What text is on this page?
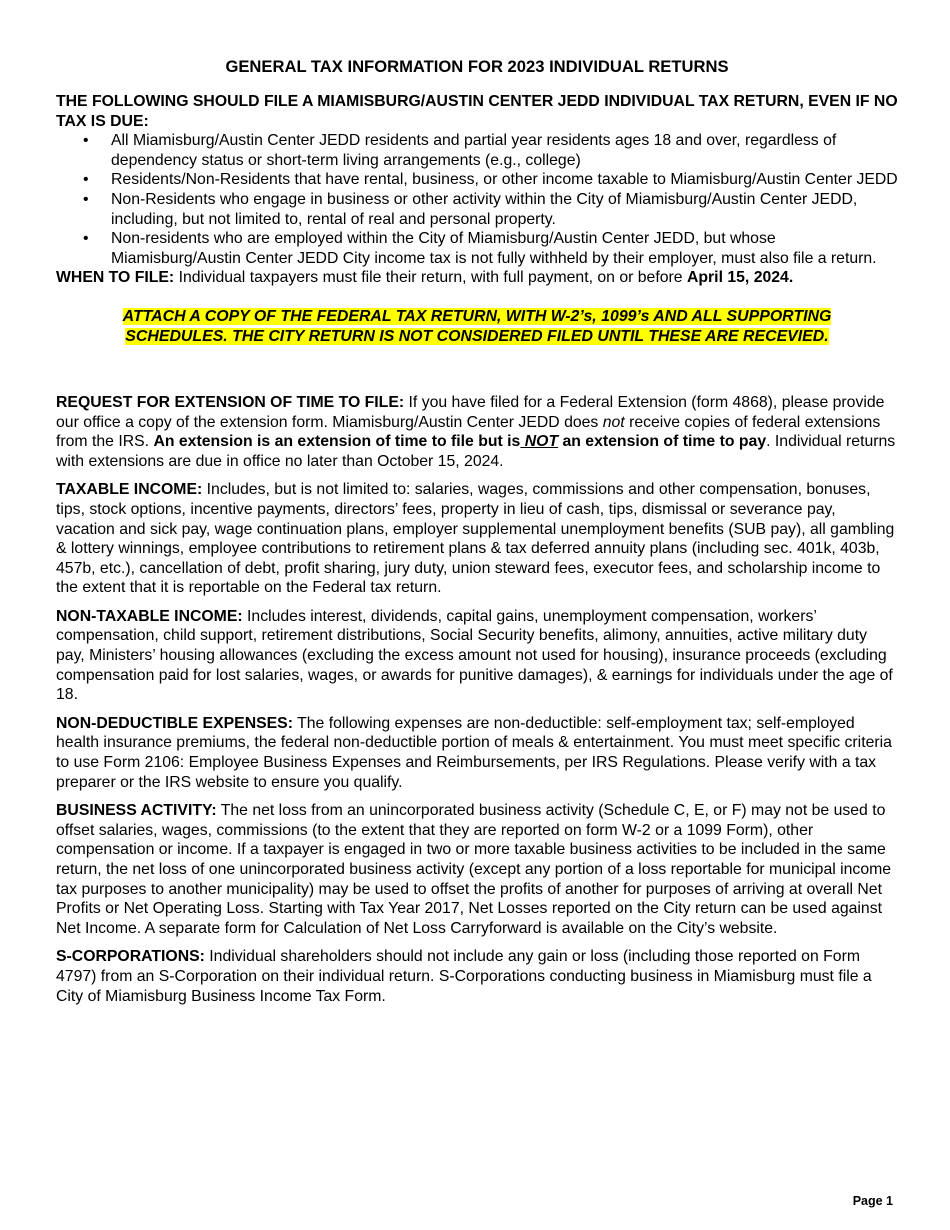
GENERAL TAX INFORMATION FOR 2023 INDIVIDUAL RETURNS

THE FOLLOWING SHOULD FILE A MIAMISBURG/AUSTIN CENTER JEDD INDIVIDUAL TAX RETURN, EVEN IF NO TAX IS DUE:

• All Miamisburg/Austin Center JEDD residents and partial year residents ages 18 and over, regardless of dependency status or short-term living arrangements (e.g., college)
• Residents/Non-Residents that have rental, business, or other income taxable to Miamisburg/Austin Center JEDD
• Non-Residents who engage in business or other activity within the City of Miamisburg/Austin Center JEDD, including, but not limited to, rental of real and personal property.
• Non-residents who are employed within the City of Miamisburg/Austin Center JEDD, but whose Miamisburg/Austin Center JEDD City income tax is not fully withheld by their employer, must also file a return.

WHEN TO FILE: Individual taxpayers must file their return, with full payment, on or before April 15, 2024.

ATTACH A COPY OF THE FEDERAL TAX RETURN, WITH W-2’s, 1099’s AND ALL SUPPORTING
SCHEDULES. THE CITY RETURN IS NOT CONSIDERED FILED UNTIL THESE ARE RECEVIED.

REQUEST FOR EXTENSION OF TIME TO FILE: If you have filed for a Federal Extension (form 4868), please provide our office a copy of the extension form. Miamisburg/Austin Center JEDD does not receive copies of federal extensions from the IRS. An extension is an extension of time to file but is NOT an extension of time to pay. Individual returns with extensions are due in office no later than October 15, 2024.

TAXABLE INCOME: Includes, but is not limited to: salaries, wages, commissions and other compensation, bonuses, tips, stock options, incentive payments, directors’ fees, property in lieu of cash, tips, dismissal or severance pay, vacation and sick pay, wage continuation plans, employer supplemental unemployment benefits (SUB pay), all gambling & lottery winnings, employee contributions to retirement plans & tax deferred annuity plans (including sec. 401k, 403b, 457b, etc.), cancellation of debt, profit sharing, jury duty, union steward fees, executor fees, and scholarship income to the extent that it is reportable on the Federal tax return.

NON-TAXABLE INCOME: Includes interest, dividends, capital gains, unemployment compensation, workers’ compensation, child support, retirement distributions, Social Security benefits, alimony, annuities, active military duty pay, Ministers’ housing allowances (excluding the excess amount not used for housing), insurance proceeds (excluding compensation paid for lost salaries, wages, or awards for punitive damages), & earnings for individuals under the age of 18.

NON-DEDUCTIBLE EXPENSES: The following expenses are non-deductible: self-employment tax; self-employed health insurance premiums, the federal non-deductible portion of meals & entertainment. You must meet specific criteria to use Form 2106: Employee Business Expenses and Reimbursements, per IRS Regulations. Please verify with a tax preparer or the IRS website to ensure you qualify.

BUSINESS ACTIVITY: The net loss from an unincorporated business activity (Schedule C, E, or F) may not be used to offset salaries, wages, commissions (to the extent that they are reported on form W-2 or a 1099 Form), other compensation or income. If a taxpayer is engaged in two or more taxable business activities to be included in the same return, the net loss of one unincorporated business activity (except any portion of a loss reportable for municipal income tax purposes to another municipality) may be used to offset the profits of another for purposes of arriving at overall Net Profits or Net Operating Loss. Starting with Tax Year 2017, Net Losses reported on the City return can be used against Net Income. A separate form for Calculation of Net Loss Carryforward is available on the City’s website.

S-CORPORATIONS: Individual shareholders should not include any gain or loss (including those reported on Form 4797) from an S-Corporation on their individual return. S-Corporations conducting business in Miamisburg must file a City of Miamisburg Business Income Tax Form.

Page 1
